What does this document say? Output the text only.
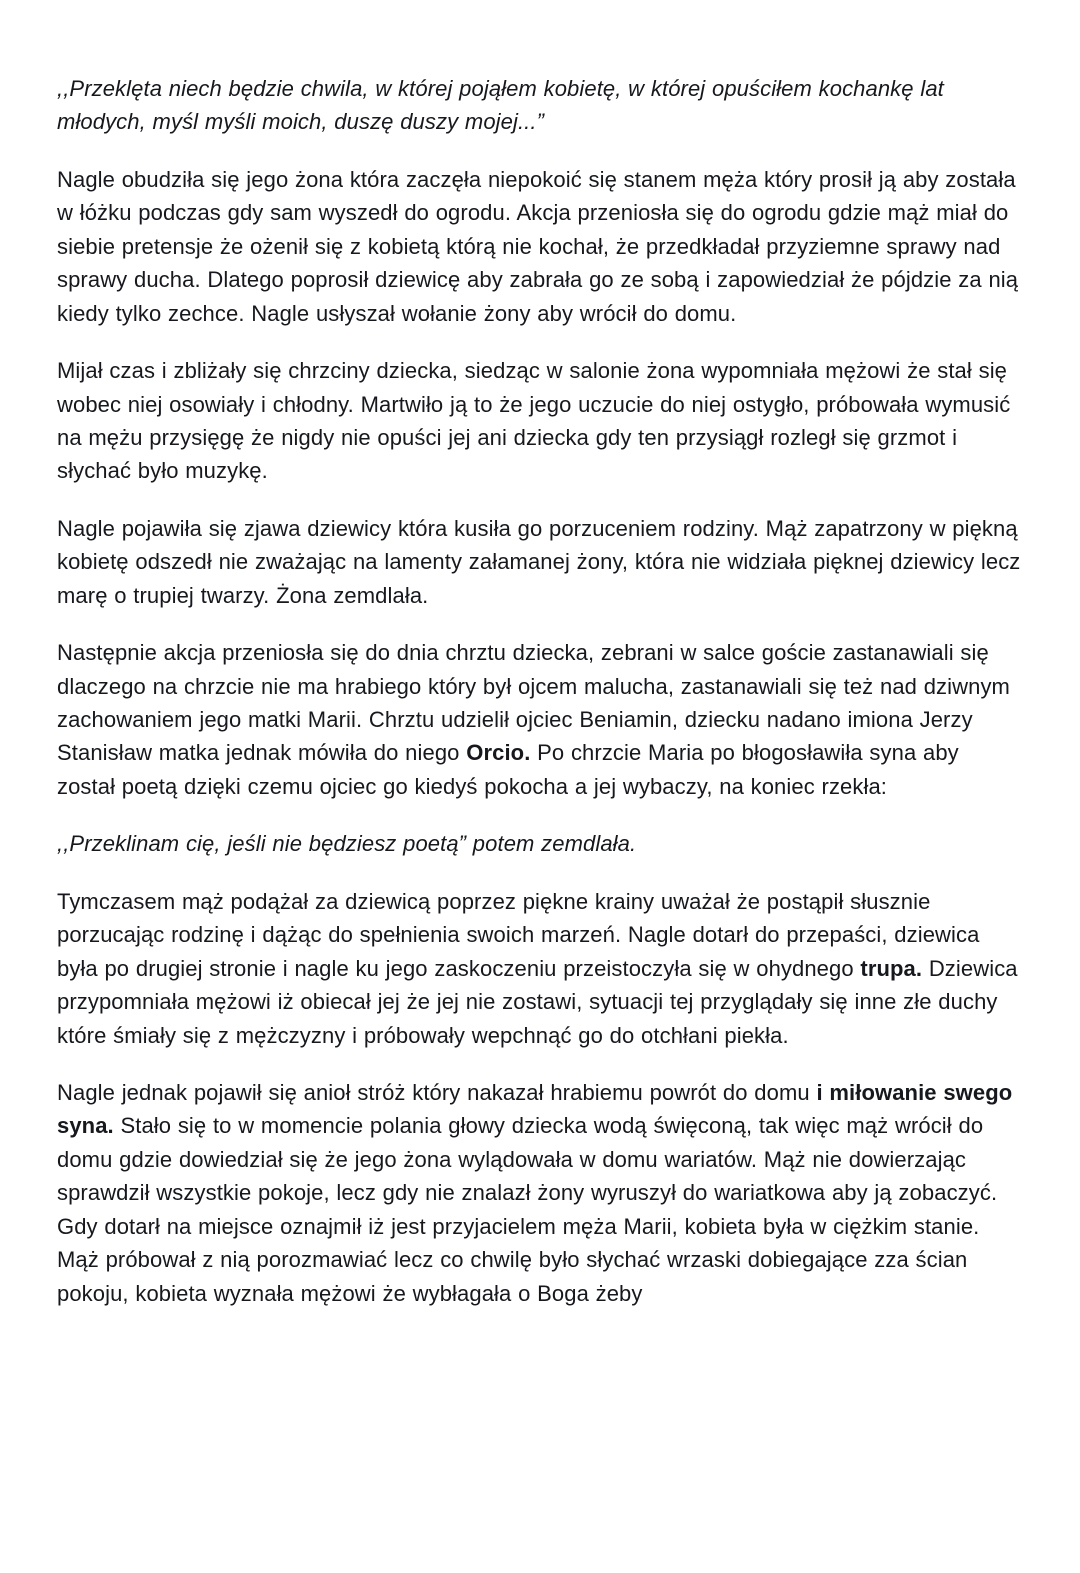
,,Przeklęta niech będzie chwila, w której pojąłem kobietę, w której opuściłem kochankę lat młodych, myśl myśli moich, duszę duszy mojej...”

Nagle obudziła się jego żona która zaczęła niepokoić się stanem męża który prosił ją aby została w łóżku podczas gdy sam wyszedł do ogrodu. Akcja przeniosła się do ogrodu gdzie mąż miał do siebie pretensje że ożenił się z kobietą którą nie kochał, że przedkładał przyziemne sprawy nad sprawy ducha. Dlatego poprosił dziewicę aby zabrała go ze sobą i zapowiedział że pójdzie za nią kiedy tylko zechce. Nagle usłyszał wołanie żony aby wrócił do domu.

Mijał czas i zbliżały się chrzciny dziecka, siedząc w salonie żona wypomniała mężowi że stał się wobec niej osowiały i chłodny. Martwiło ją to że jego uczucie do niej ostygło, próbowała wymusić na mężu przysięgę że nigdy nie opuści jej ani dziecka gdy ten przysiągł rozległ się grzmot i słychać było muzykę.

Nagle pojawiła się zjawa dziewicy która kusiła go porzuceniem rodziny. Mąż zapatrzony w piękną kobietę odszedł nie zważając na lamenty załamanej żony, która nie widziała pięknej dziewicy lecz marę o trupiej twarzy. Żona zemdlała.

Następnie akcja przeniosła się do dnia chrztu dziecka, zebrani w salce goście zastanawiali się dlaczego na chrzcie nie ma hrabiego który był ojcem malucha, zastanawiali się też nad dziwnym zachowaniem jego matki Marii. Chrztu udzielił ojciec Beniamin, dziecku nadano imiona Jerzy Stanisław matka jednak mówiła do niego Orcio. Po chrzcie Maria po błogosławiła syna aby został poetą dzięki czemu ojciec go kiedyś pokocha a jej wybaczy, na koniec rzekła:

,,Przeklinam cię, jeśli nie będziesz poetą” potem zemdlała.

Tymczasem mąż podążał za dziewicą poprzez piękne krainy uważał że postąpił słusznie porzucając rodzinę i dążąc do spełnienia swoich marzeń. Nagle dotarł do przepaści, dziewica była po drugiej stronie i nagle ku jego zaskoczeniu przeistoczyła się w ohydnego trupa. Dziewica przypomniała mężowi iż obiecał jej że jej nie zostawi, sytuacji tej przyglądały się inne złe duchy które śmiały się z mężczyzny i próbowały wepchnąć go do otchłani piekła.

Nagle jednak pojawił się anioł stróż który nakazał hrabiemu powrót do domu i miłowanie swego syna. Stało się to w momencie polania głowy dziecka wodą święconą, tak więc mąż wrócił do domu gdzie dowiedział się że jego żona wylądowała w domu wariatów. Mąż nie dowierzając sprawdził wszystkie pokoje, lecz gdy nie znalazł żony wyruszył do wariatkowa aby ją zobaczyć. Gdy dotarł na miejsce oznajmił iż jest przyjacielem męża Marii, kobieta była w ciężkim stanie. Mąż próbował z nią porozmawiać lecz co chwilę było słychać wrzaski dobiegające zza ścian pokoju, kobieta wyznała mężowi że wybłagała o Boga żeby
